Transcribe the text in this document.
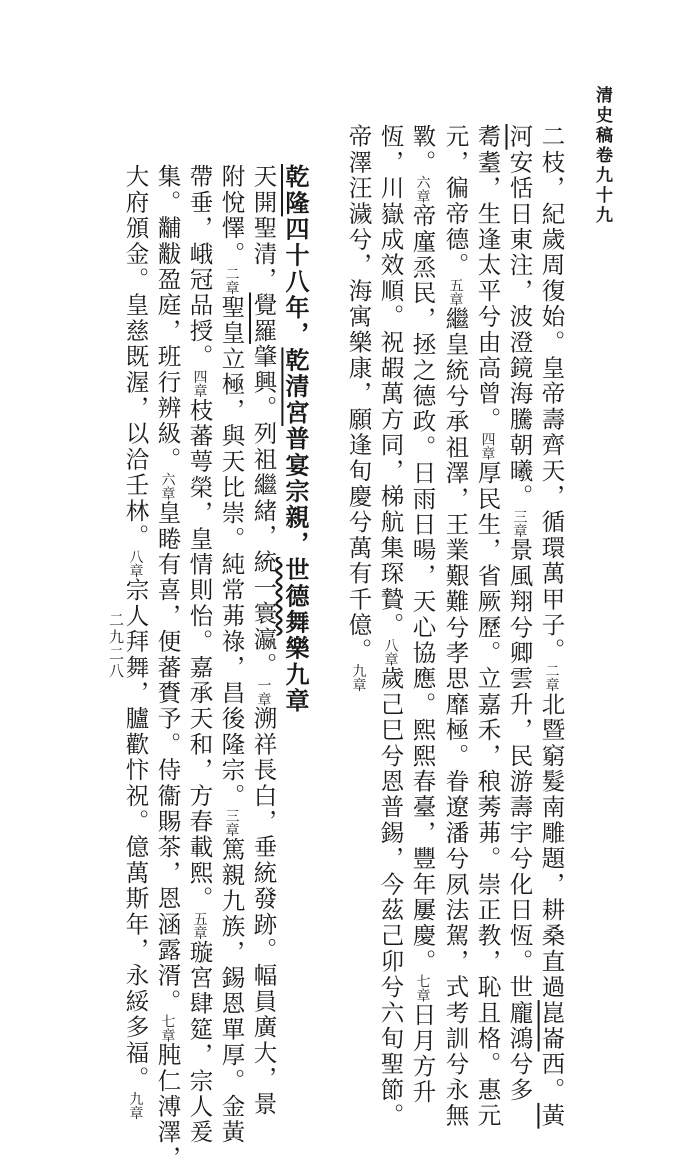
清史稿卷九十九
二九二八	二枝，紀歲周復始。皇帝壽齊天，循環萬甲子。二章北暨窮髮南雕題，耕桑直過崑崙西。黃
河安恬日東注，波澄鏡海騰朝曦。三章景風翔兮卿雲升，民游壽宇兮化日恆。世龐鴻兮多
耈耋，生逢太平兮由高曾。四章厚民生，省厥歷。立嘉禾，稂莠茀。崇正教，恥且格。惠元
元，徧帝德。五章繼皇統兮承祖澤，王業艱難兮孝思靡極。眷遼潘兮夙法駕，式考訓兮永無
斁。六章帝廑烝民，拯之德政。日雨日暘，天心協應。熙熙春臺，豐年屢慶。七章日月方升
恆，川嶽成效順。祝嘏萬方同，梯航集琛贄。八章歲己巳兮恩普錫，今茲己卯兮六旬聖節。
帝澤汪濊兮，海寓樂康，願逢旬慶兮萬有千億。九章
乾隆四十八年，乾清宮普宴宗親，世德舞樂九章
天開聖清，覺羅肇興。列祖繼緒，統一寰瀛。一章溯祥長白，垂統發跡。幅員廣大，景
附悅懌。二章聖皇立極，與天比崇。純常茀祿，昌後隆宗。三章篤親九族，錫恩單厚。金黃
帶垂，峨冠品授。四章枝蕃萼榮，皇情則怡。嘉承天和，方春載熙。五章璇宮肆筵，宗人爰
集。黼黻盈庭，班行辨級。六章皇睠有喜，便蕃賚予。侍衞賜茶，恩涵露湑。七章肫仁溥澤，
大府頒金。皇慈既渥，以洽壬林。八章宗人拜舞，臚歡忭祝。億萬斯年，永綏多福。九章
